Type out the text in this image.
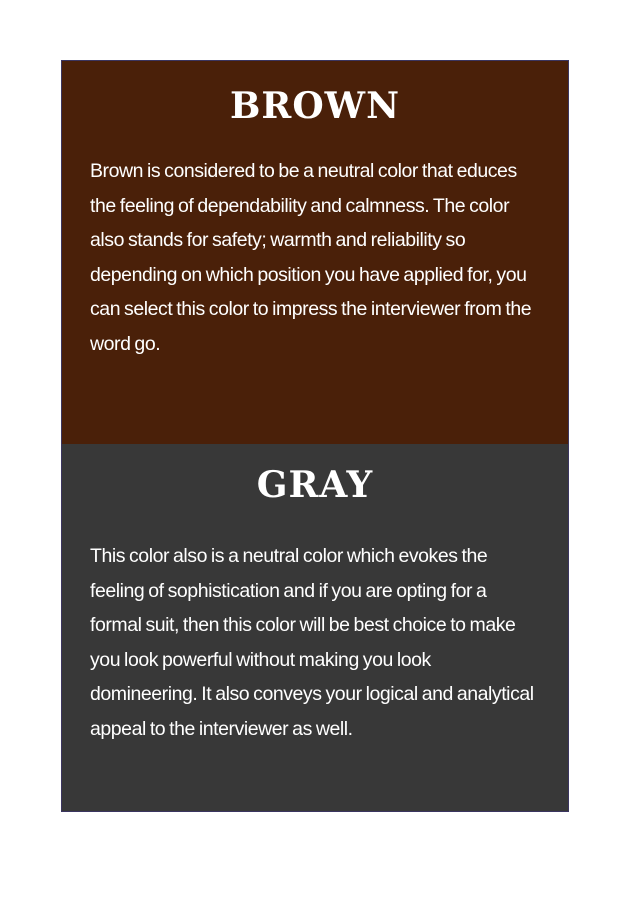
BROWN

Brown is considered to be a neutral color that educes the feeling of dependability and calmness. The color also stands for safety; warmth and reliability so depending on which position you have applied for, you can select this color to impress the interviewer from the word go.

GRAY

This color also is a neutral color which evokes the feeling of sophistication and if you are opting for a formal suit, then this color will be best choice to make you look powerful without making you look domineering. It also conveys your logical and analytical appeal to the interviewer as well.
